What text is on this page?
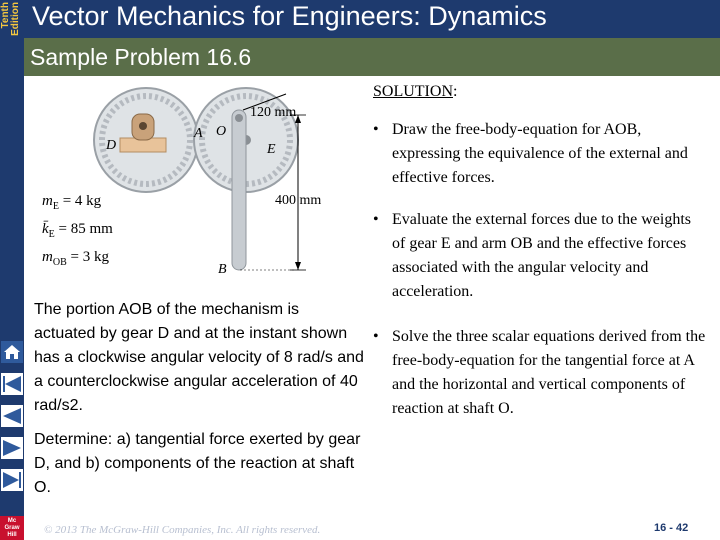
Tenth Edition
Mc Graw Hill
Vector Mechanics for Engineers: Dynamics
Sample Problem 16.6
120 mm
400 mm
A O
D	E
B
$m_E = 4$ kg
$k̄_E = 85$ mm
$m_{OB} = 3$ kg
The portion AOB of the mechanism is actuated by gear D and at the instant shown has a clockwise angular velocity of 8 rad/s and a counterclockwise angular acceleration of 40 rad/s2.
Determine: a) tangential force exerted by gear D, and b) components of the reaction at shaft O.
SOLUTION:
• Draw the free-body-equation for AOB, expressing the equivalence of the external and effective forces.
• Evaluate the external forces due to the weights of gear E and arm OB and the effective forces associated with the angular velocity and acceleration.
• Solve the three scalar equations derived from the free-body-equation for the tangential force at A and the horizontal and vertical components of reaction at shaft O.
© 2013 The McGraw-Hill Companies, Inc. All rights reserved.	16 - 42
